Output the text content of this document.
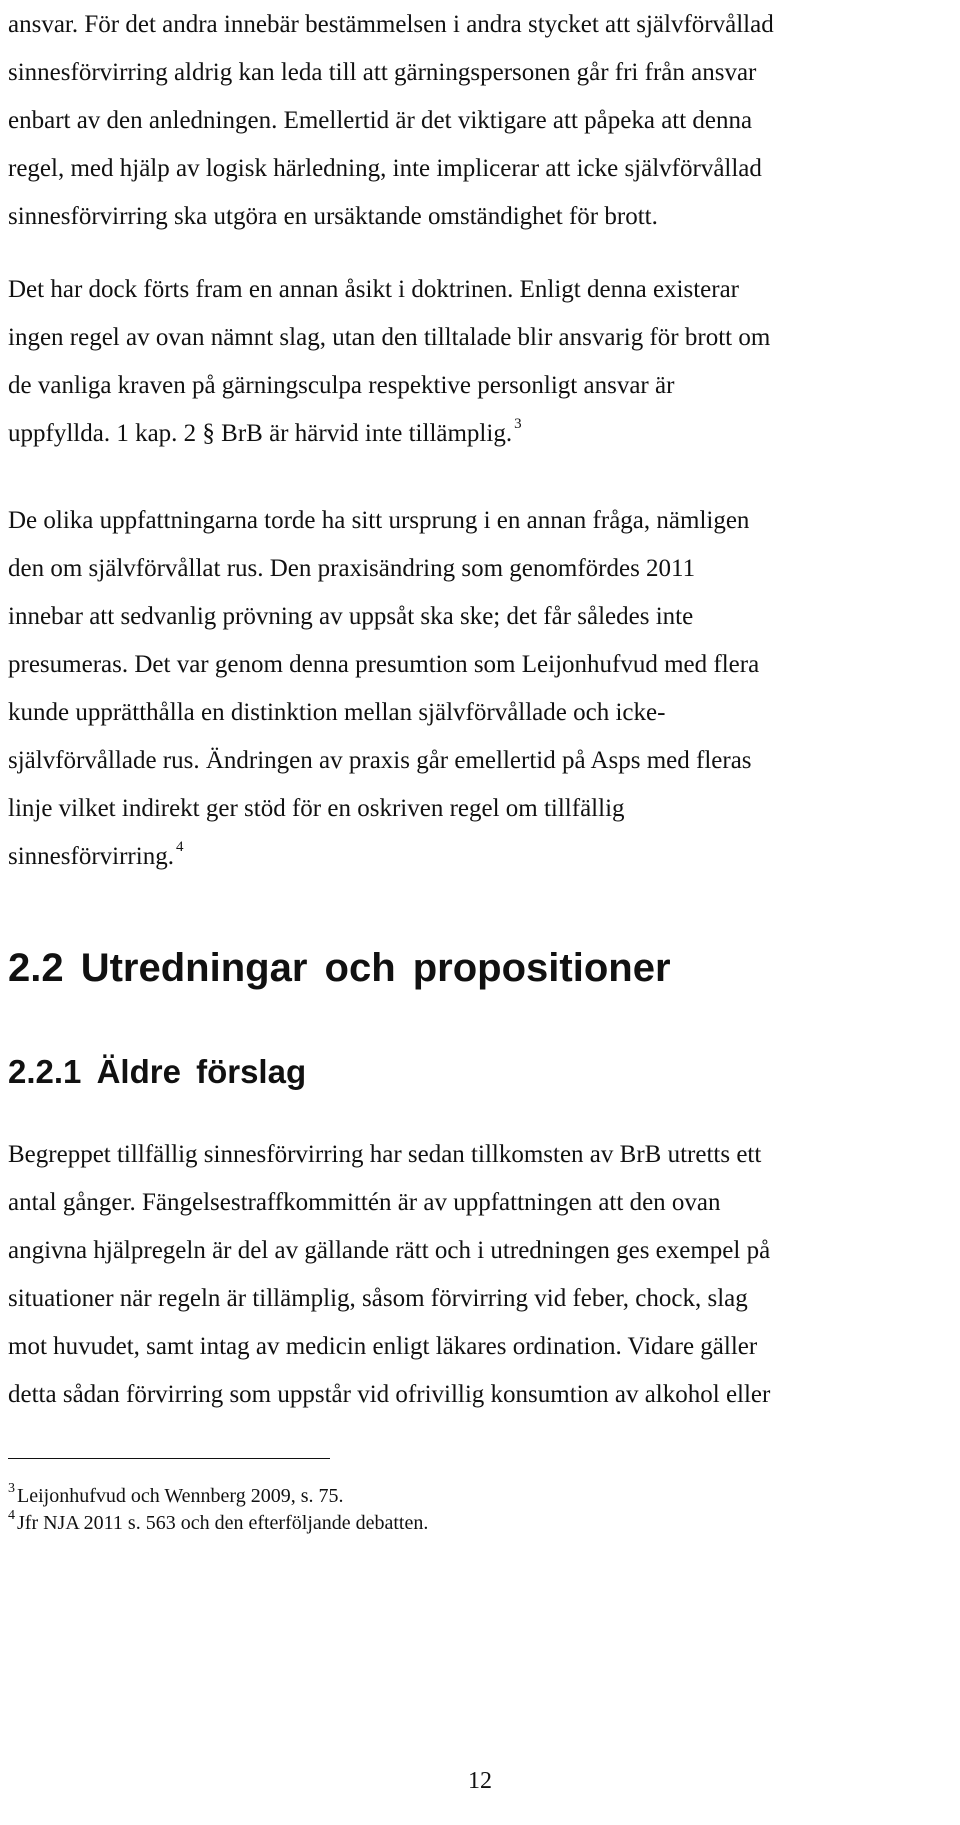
ansvar. För det andra innebär bestämmelsen i andra stycket att självförvållad
sinnesförvirring aldrig kan leda till att gärningspersonen går fri från ansvar
enbart av den anledningen. Emellertid är det viktigare att påpeka att denna
regel, med hjälp av logisk härledning, inte implicerar att icke självförvållad
sinnesförvirring ska utgöra en ursäktande omständighet för brott.

Det har dock förts fram en annan åsikt i doktrinen. Enligt denna existerar
ingen regel av ovan nämnt slag, utan den tilltalade blir ansvarig för brott om
de vanliga kraven på gärningsculpa respektive personligt ansvar är
uppfyllda. 1 kap. 2 § BrB är härvid inte tillämplig. $^3$

De olika uppfattningarna torde ha sitt ursprung i en annan fråga, nämligen
den om självförvållat rus. Den praxisändring som genomfördes 2011
innebar att sedvanlig prövning av uppsåt ska ske; det får således inte
presumeras. Det var genom denna presumtion som Leijonhufvud med flera
kunde upprätthålla en distinktion mellan självförvållade och icke-
självförvållade rus. Ändringen av praxis går emellertid på Asps med fleras
linje vilket indirekt ger stöd för en oskriven regel om tillfällig
sinnesförvirring. $^4$

2.2 Utredningar och propositioner
2.2.1 Äldre förslag

Begreppet tillfällig sinnesförvirring har sedan tillkomsten av BrB utretts ett
antal gånger. Fängelsestraffkommittén är av uppfattningen att den ovan
angivna hjälpregeln är del av gällande rätt och i utredningen ges exempel på
situationer när regeln är tillämplig, såsom förvirring vid feber, chock, slag
mot huvudet, samt intag av medicin enligt läkares ordination. Vidare gäller
detta sådan förvirring som uppstår vid ofrivillig konsumtion av alkohol eller

$^3$ Leijonhufvud och Wennberg 2009, s. 75.

$^4$ Jfr NJA 2011 s. 563 och den efterföljande debatten.

12
